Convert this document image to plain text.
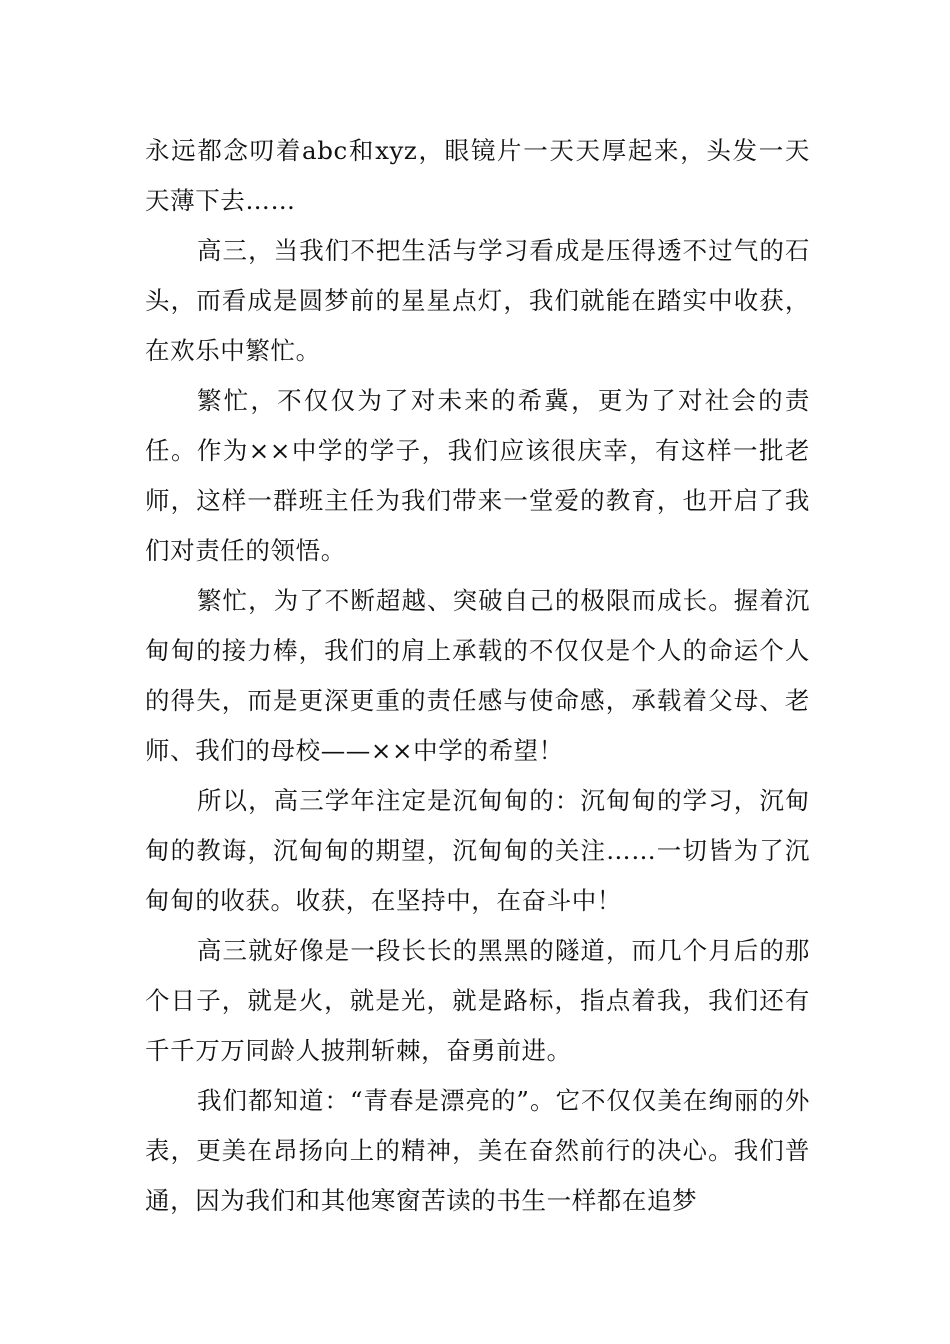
永远都念叨着abc和xyz，眼镜片一天天厚起来，头发一天天薄下去……

高三，当我们不把生活与学习看成是压得透不过气的石头，而看成是圆梦前的星星点灯，我们就能在踏实中收获，在欢乐中繁忙。

繁忙，不仅仅为了对未来的希冀，更为了对社会的责任。作为××中学的学子，我们应该很庆幸，有这样一批老师，这样一群班主任为我们带来一堂爱的教育，也开启了我们对责任的领悟。

繁忙，为了不断超越、突破自己的极限而成长。握着沉甸甸的接力棒，我们的肩上承载的不仅仅是个人的命运个人的得失，而是更深更重的责任感与使命感，承载着父母、老师、我们的母校——××中学的希望！

所以，高三学年注定是沉甸甸的：沉甸甸的学习，沉甸甸的教诲，沉甸甸的期望，沉甸甸的关注……一切皆为了沉甸甸的收获。收获，在坚持中，在奋斗中！

高三就好像是一段长长的黑黑的隧道，而几个月后的那个日子，就是火，就是光，就是路标，指点着我，我们还有千千万万同龄人披荆斩棘，奋勇前进。

我们都知道：“青春是漂亮的”。它不仅仅美在绚丽的外表，更美在昂扬向上的精神，美在奋然前行的决心。我们普通，因为我们和其他寒窗苦读的书生一样都在追梦
